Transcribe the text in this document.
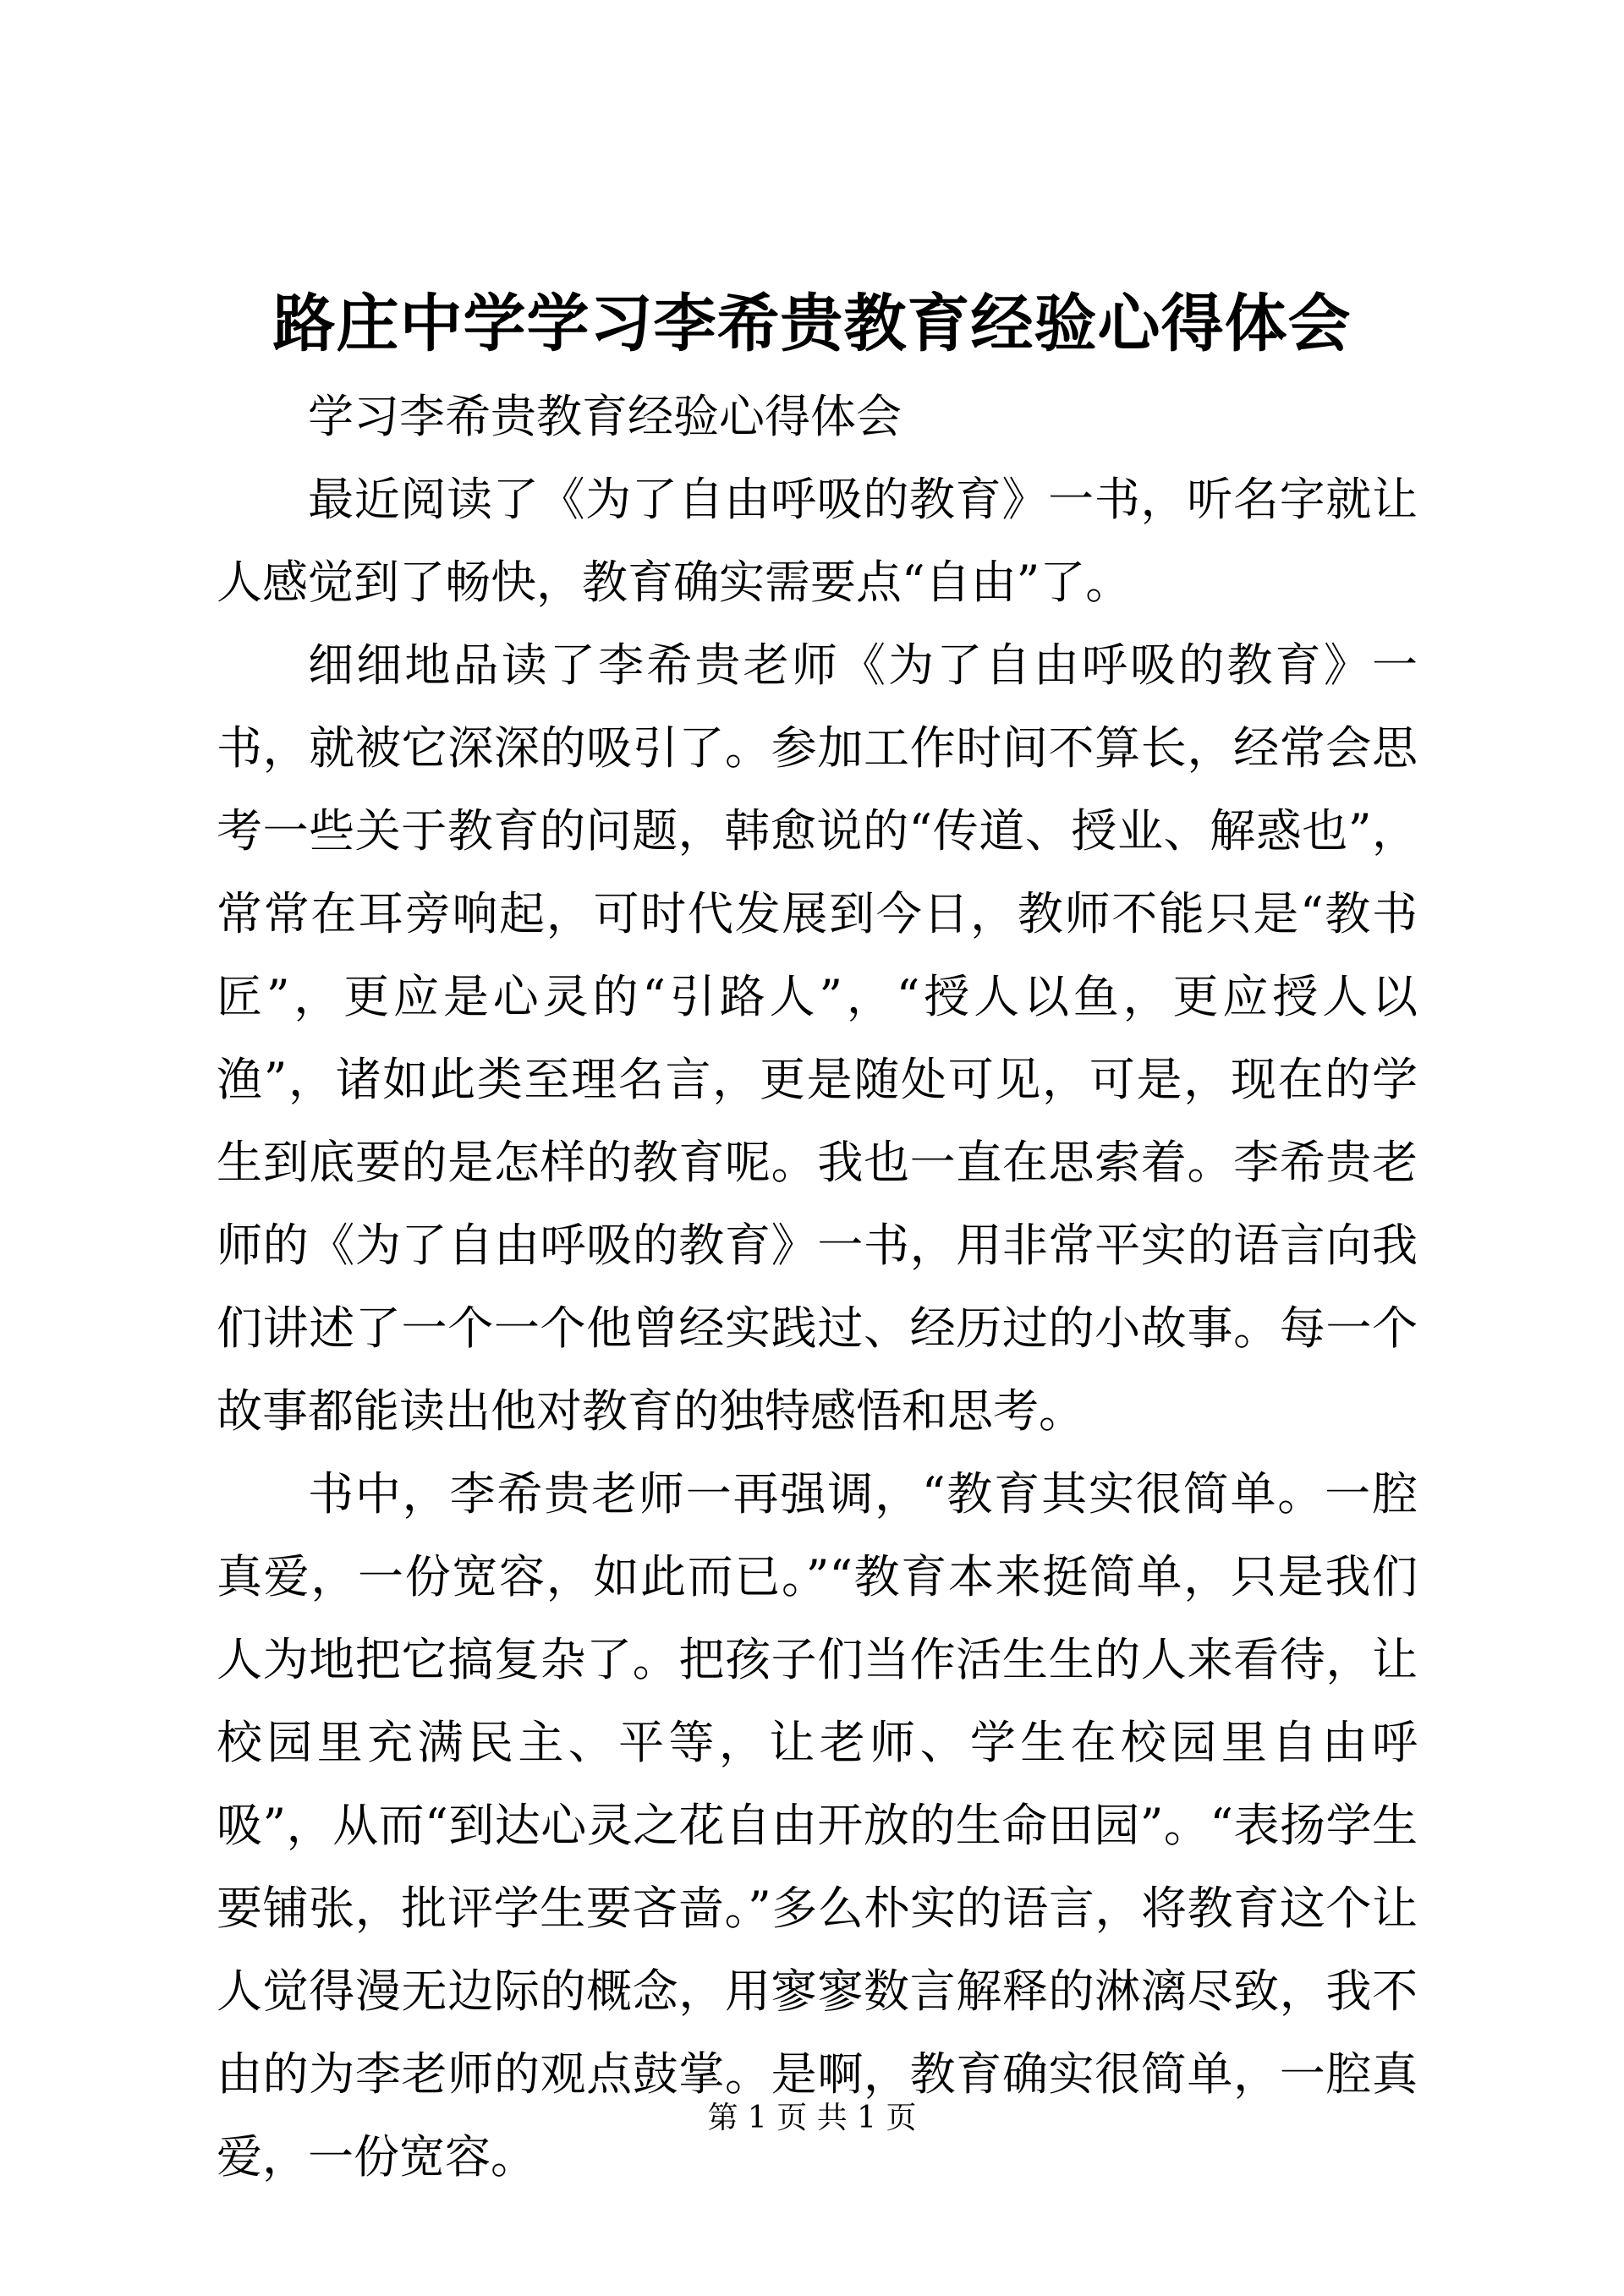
路庄中学学习李希贵教育经验心得体会

学习李希贵教育经验心得体会

最近阅读了《为了自由呼吸的教育》一书，听名字就让人感觉到了畅快，教育确实需要点“自由”了。

细细地品读了李希贵老师《为了自由呼吸的教育》一书，就被它深深的吸引了。参加工作时间不算长，经常会思考一些关于教育的问题，韩愈说的“传道、授业、解惑也”，常常在耳旁响起，可时代发展到今日，教师不能只是“教书匠”，更应是心灵的“引路人”，“授人以鱼，更应授人以渔”，诸如此类至理名言，更是随处可见，可是，现在的学生到底要的是怎样的教育呢。我也一直在思索着。李希贵老师的《为了自由呼吸的教育》一书，用非常平实的语言向我们讲述了一个一个他曾经实践过、经历过的小故事。每一个故事都能读出他对教育的独特感悟和思考。

书中，李希贵老师一再强调，“教育其实很简单。一腔真爱，一份宽容，如此而已。”“教育本来挺简单，只是我们人为地把它搞复杂了。把孩子们当作活生生的人来看待，让校园里充满民主、平等，让老师、学生在校园里自由呼吸”，从而“到达心灵之花自由开放的生命田园”。“表扬学生要铺张，批评学生要吝啬。”多么朴实的语言，将教育这个让人觉得漫无边际的概念，用寥寥数言解释的淋漓尽致，我不由的为李老师的观点鼓掌。是啊，教育确实很简单，一腔真爱，一份宽容。

第 1 页 共 1 页
